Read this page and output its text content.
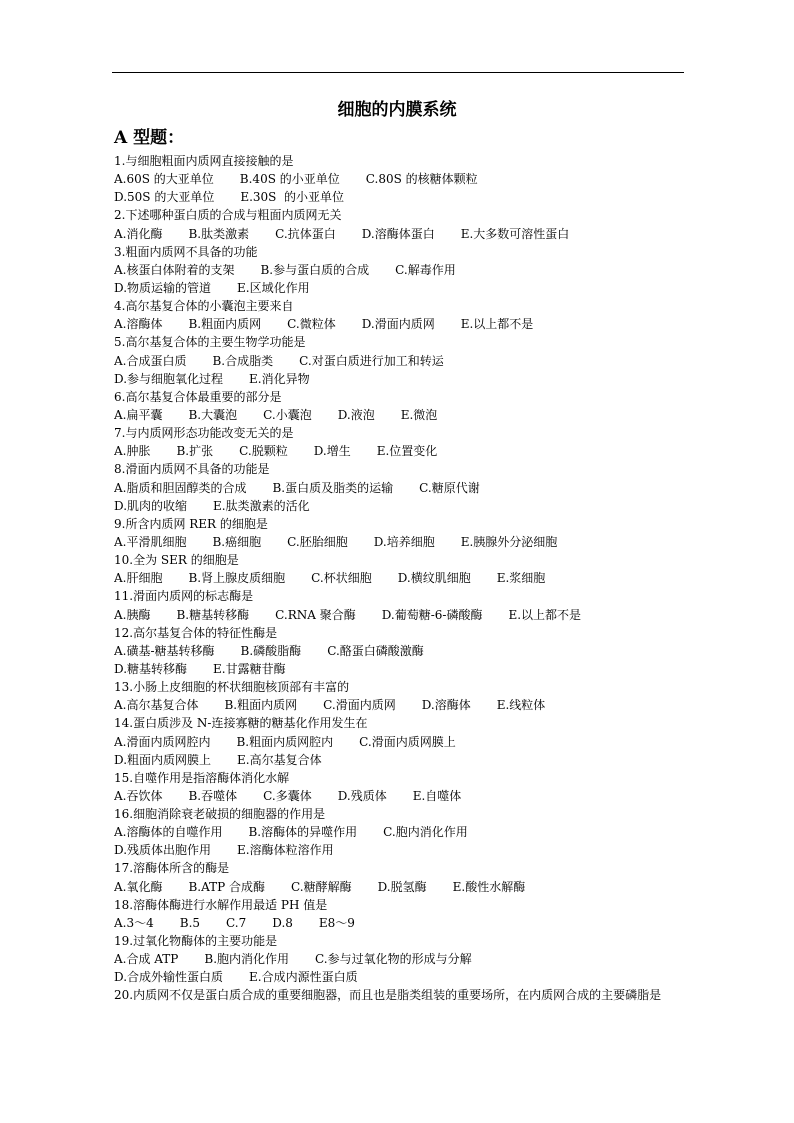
细胞的内膜系统
A 型题：
1.与细胞粗面内质网直接接触的是
A.60S 的大亚单位 B.40S 的小亚单位 C.80S 的核糖体颗粒
D.50S 的大亚单位 E.30S  的小亚单位
2.下述哪种蛋白质的合成与粗面内质网无关
A.消化酶 B.肽类激素 C.抗体蛋白 D.溶酶体蛋白 E.大多数可溶性蛋白
3.粗面内质网不具备的功能
A.核蛋白体附着的支架 B.参与蛋白质的合成 C.解毒作用
D.物质运输的管道 E.区域化作用
4.高尔基复合体的小囊泡主要来自
A.溶酶体 B.粗面内质网 C.微粒体 D.滑面内质网 E.以上都不是
5.高尔基复合体的主要生物学功能是
A.合成蛋白质 B.合成脂类 C.对蛋白质进行加工和转运
D.参与细胞氧化过程 E.消化异物
6.高尔基复合体最重要的部分是
A.扁平囊 B.大囊泡 C.小囊泡 D.液泡 E.微泡
7.与内质网形态功能改变无关的是
A.肿胀 B.扩张 C.脱颗粒 D.增生 E.位置变化
8.滑面内质网不具备的功能是
A.脂质和胆固醇类的合成 B.蛋白质及脂类的运输 C.糖原代谢
D.肌肉的收缩 E.肽类激素的活化
9.所含内质网 RER 的细胞是
A.平滑肌细胞 B.癌细胞 C.胚胎细胞 D.培养细胞 E.胰腺外分泌细胞
10.全为 SER 的细胞是
A.肝细胞 B.肾上腺皮质细胞 C.杯状细胞 D.横纹肌细胞 E.浆细胞
11.滑面内质网的标志酶是
A.胰酶 B.糖基转移酶 C.RNA 聚合酶 D.葡萄糖-6-磷酸酶 E.以上都不是
12.高尔基复合体的特征性酶是
A.磺基-糖基转移酶 B.磷酸脂酶 C.酪蛋白磷酸激酶
D.糖基转移酶 E.甘露糖苷酶
13.小肠上皮细胞的杯状细胞核顶部有丰富的
A.高尔基复合体 B.粗面内质网 C.滑面内质网 D.溶酶体 E.线粒体
14.蛋白质涉及 N-连接寡糖的糖基化作用发生在
A.滑面内质网腔内 B.粗面内质网腔内 C.滑面内质网膜上
D.粗面内质网膜上 E.高尔基复合体
15.自噬作用是指溶酶体消化水解
A.吞饮体 B.吞噬体 C.多囊体 D.残质体 E.自噬体
16.细胞消除衰老破损的细胞器的作用是
A.溶酶体的自噬作用 B.溶酶体的异噬作用 C.胞内消化作用
D.残质体出胞作用 E.溶酶体粒溶作用
17.溶酶体所含的酶是
A.氧化酶 B.ATP 合成酶 C.糖酵解酶 D.脱氢酶 E.酸性水解酶
18.溶酶体酶进行水解作用最适 PH 值是
A.3～4 B.5 C.7 D.8 E8～9
19.过氧化物酶体的主要功能是
A.合成 ATP B.胞内消化作用 C.参与过氧化物的形成与分解
D.合成外输性蛋白质 E.合成内源性蛋白质
20.内质网不仅是蛋白质合成的重要细胞器，而且也是脂类组装的重要场所，在内质网合成的主要磷脂是
